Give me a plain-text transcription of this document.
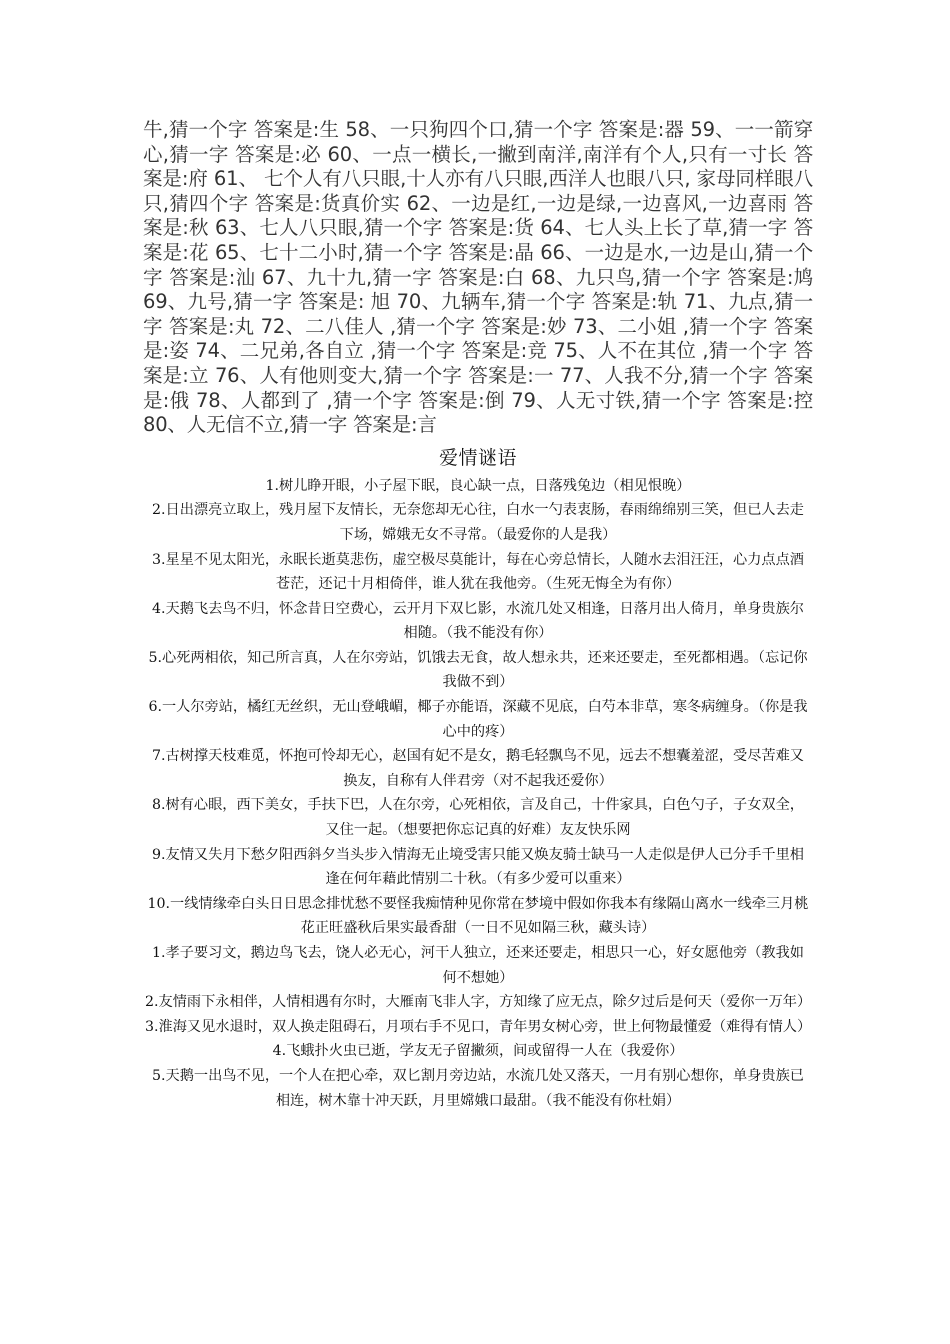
牛,猜一个字 答案是:生 58、一只狗四个口,猜一个字 答案是:器 59、一一箭穿心,猜一字 答案是:必 60、一点一横长,一撇到南洋,南洋有个人,只有一寸长 答案是:府 61、 七个人有八只眼,十人亦有八只眼,西洋人也眼八只, 家母同样眼八只,猜四个字 答案是:货真价实 62、一边是红,一边是绿,一边喜风,一边喜雨 答案是:秋 63、七人八只眼,猜一个字 答案是:货 64、七人头上长了草,猜一字 答案是:花 65、七十二小时,猜一个字 答案是:晶 66、一边是水,一边是山,猜一个字 答案是:汕 67、九十九,猜一字 答案是:白 68、九只鸟,猜一个字 答案是:鸠 69、九号,猜一字 答案是: 旭 70、九辆车,猜一个字 答案是:轨 71、九点,猜一字 答案是:丸 72、二八佳人 ,猜一个字 答案是:妙 73、二小姐 ,猜一个字 答案是:姿 74、二兄弟,各自立 ,猜一个字 答案是:竞 75、人不在其位 ,猜一个字 答案是:立 76、人有他则变大,猜一个字 答案是:一 77、人我不分,猜一个字 答案是:俄 78、人都到了 ,猜一个字 答案是:倒 79、人无寸铁,猜一个字 答案是:控 80、人无信不立,猜一字 答案是:言

爱情谜语

1.树儿睁开眼，小子屋下眠，良心缺一点，日落残兔边（相见恨晚）

2.日出漂亮立取上，残月屋下友情长，无奈您却无心往，白水一勺表衷肠，春雨绵绵别三笑，但已人去走下场，嫦娥无女不寻常。（最爱你的人是我）

3.星星不见太阳光，永眠长逝莫悲伤，虚空极尽莫能计，每在心旁总情长，人随水去泪汪汪，心力点点酒苍茫，还记十月相倚伴，谁人犹在我他旁。（生死无悔全为有你）

4.天鹅飞去鸟不归，怀念昔日空费心，云开月下双匕影，水流几处又相逢，日落月出人倚月，单身贵族尔相随。（我不能没有你）

5.心死两相依，知己所言真，人在尔旁站，饥饿去无食，故人想永共，还来还要走，至死都相遇。（忘记你我做不到）

6.一人尔旁站，橘红无丝织，无山登峨嵋，椰子亦能语，深藏不见底，白芍本非草，寒冬病缠身。（你是我心中的疼）

7.古树撑天枝难觅，怀抱可怜却无心，赵国有妃不是女，鹅毛轻飘鸟不见，远去不想囊羞涩，受尽苦难又换友，自称有人伴君旁（对不起我还爱你）

8.树有心眼，西下美女，手扶下巴，人在尔旁，心死相依，言及自己，十件家具，白色勺子，子女双全，又住一起。（想要把你忘记真的好难）友友快乐网

9.友情又失月下愁夕阳西斜夕当头步入情海无止境受害只能又焕友骑士缺马一人走似是伊人已分手千里相逢在何年藉此情别二十秋。（有多少爱可以重来）

10.一线情缘牵白头日日思念排忧愁不要怪我痴情种见你常在梦境中假如你我本有缘隔山离水一线牵三月桃花正旺盛秋后果实最香甜（一日不见如隔三秋，藏头诗）

1.孝子要习文，鹅边鸟飞去，饶人必无心，河干人独立，还来还要走，相思只一心，好女愿他旁（教我如何不想她）

2.友情雨下永相伴，人情相遇有尔时，大雁南飞非人字，方知缘了应无点，除夕过后是何天（爱你一万年）

3.淮海又见水退时，双人换走阻碍石，月项右手不见口，青年男女树心旁，世上何物最懂爱（难得有情人）

4.飞蛾扑火虫已逝，学友无子留撇须，间或留得一人在（我爱你）

5.天鹅一出鸟不见，一个人在把心牵，双匕割月旁边站，水流几处又落天，一月有别心想你，单身贵族已相连，树木靠十冲天跃，月里嫦娥口最甜。（我不能没有你杜娟）
